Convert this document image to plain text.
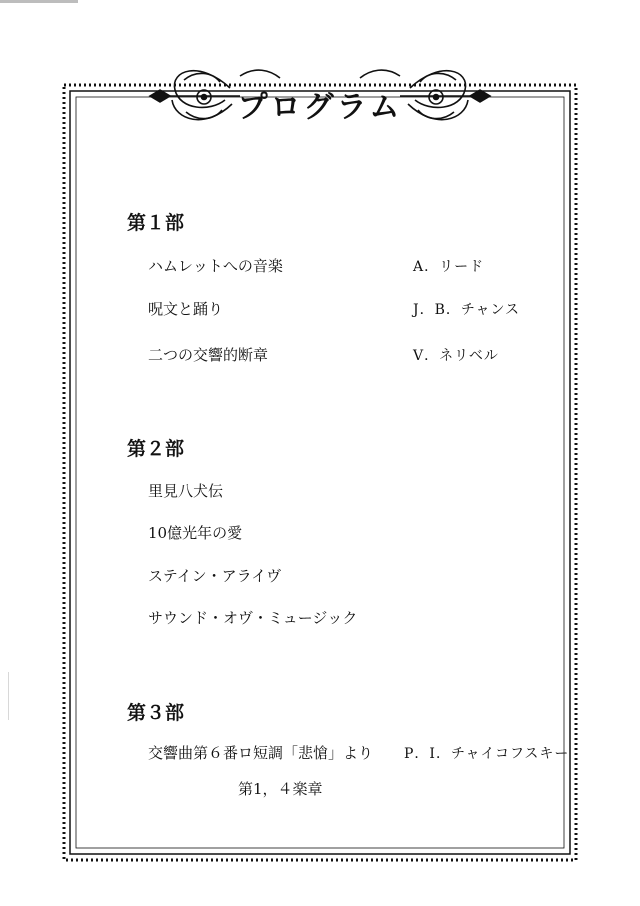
プログラム
第１部
ハムレットへの音楽	A．リード
呪文と踊り	J．B．チャンス
二つの交響的断章	V．ネリベル
第２部
里見八犬伝
10億光年の愛
ステイン・アライヴ
サウンド・オヴ・ミュージック
第３部
交響曲第６番ロ短調「悲愴」より P．I．チャイコフスキー
第1，４楽章
